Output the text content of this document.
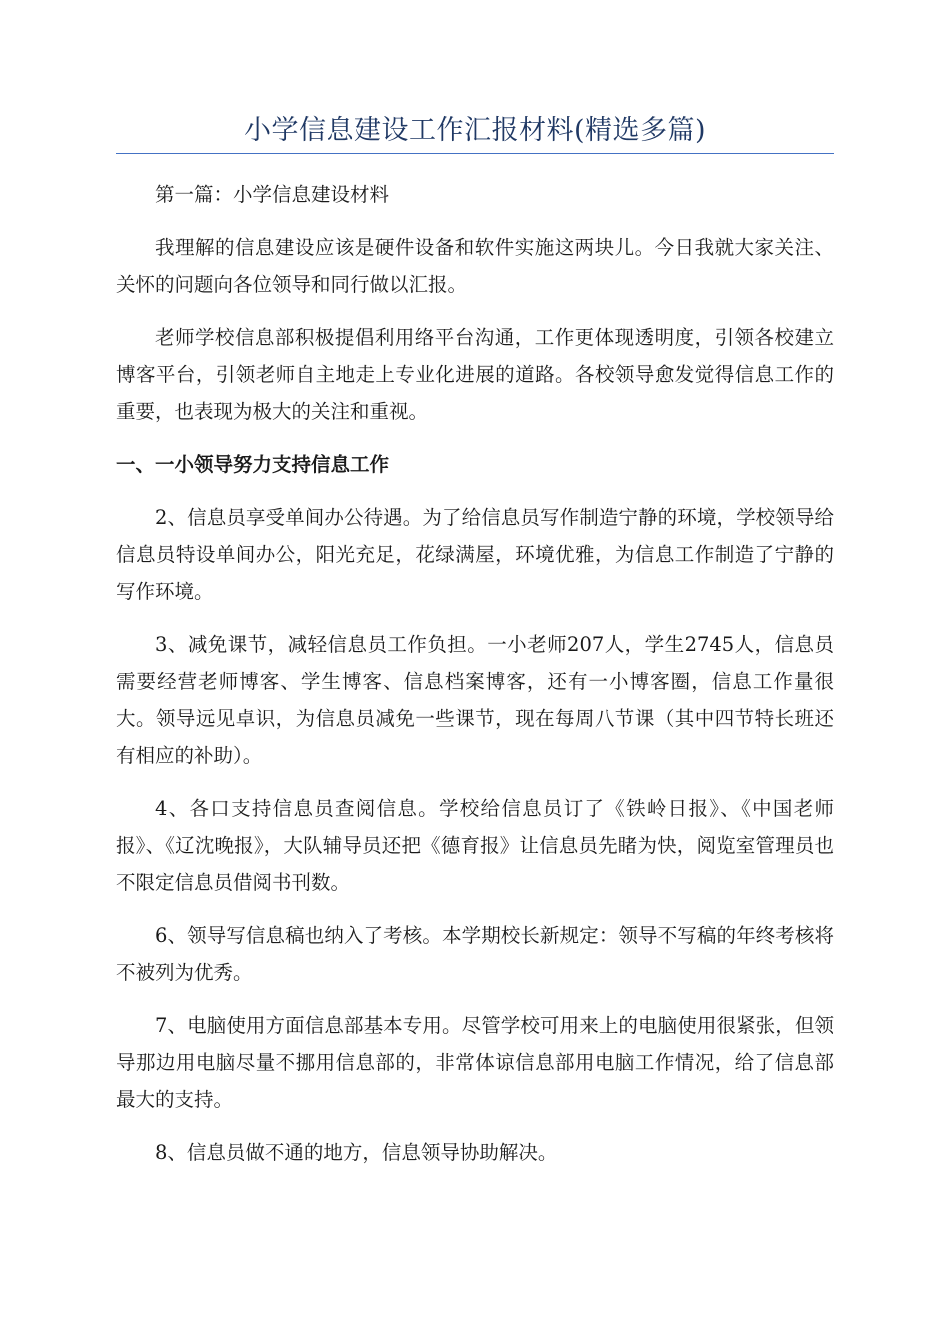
小学信息建设工作汇报材料(精选多篇)

第一篇：小学信息建设材料

我理解的信息建设应该是硬件设备和软件实施这两块儿。今日我就大家关注、关怀的问题向各位领导和同行做以汇报。

老师学校信息部积极提倡利用络平台沟通，工作更体现透明度，引领各校建立博客平台，引领老师自主地走上专业化进展的道路。各校领导愈发觉得信息工作的重要，也表现为极大的关注和重视。

一、一小领导努力支持信息工作

2、信息员享受单间办公待遇。为了给信息员写作制造宁静的环境，学校领导给信息员特设单间办公，阳光充足，花绿满屋，环境优雅，为信息工作制造了宁静的写作环境。

3、减免课节，减轻信息员工作负担。一小老师207人，学生2745人，信息员需要经营老师博客、学生博客、信息档案博客，还有一小博客圈，信息工作量很大。领导远见卓识，为信息员减免一些课节，现在每周八节课（其中四节特长班还有相应的补助）。

4、各口支持信息员查阅信息。学校给信息员订了《铁岭日报》、《中国老师报》、《辽沈晚报》，大队辅导员还把《德育报》让信息员先睹为快，阅览室管理员也不限定信息员借阅书刊数。

6、领导写信息稿也纳入了考核。本学期校长新规定：领导不写稿的年终考核将不被列为优秀。

7、电脑使用方面信息部基本专用。尽管学校可用来上的电脑使用很紧张，但领导那边用电脑尽量不挪用信息部的，非常体谅信息部用电脑工作情况，给了信息部最大的支持。

8、信息员做不通的地方，信息领导协助解决。
